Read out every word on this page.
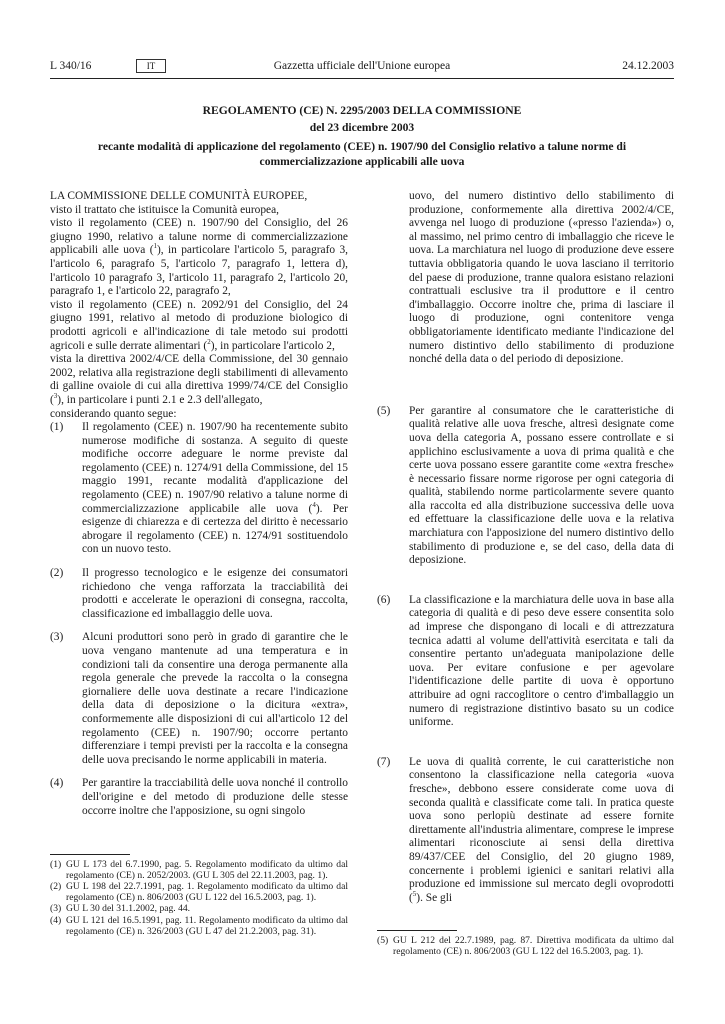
L 340/16	Gazzetta ufficiale dell'Unione europea
IT	24.12.2003
REGOLAMENTO (CE) N. 2295/2003 DELLA COMMISSIONE
del 23 dicembre 2003
recante modalità di applicazione del regolamento (CEE) n. 1907/90 del Consiglio relativo a talune norme di commercializzazione applicabili alle uova

LA COMMISSIONE DELLE COMUNITÀ EUROPEE,

visto il trattato che istituisce la Comunità europea,

visto il regolamento (CEE) n. 1907/90 del Consiglio, del 26 giugno 1990, relativo a talune norme di commercializzazione applicabili alle uova ($^1$), in particolare l'articolo 5, paragrafo 3, l'articolo 6, paragrafo 5, l'articolo 7, paragrafo 1, lettera d), l'articolo 10 paragrafo 3, l'articolo 11, paragrafo 2, l'articolo 20, paragrafo 1, e l'articolo 22, paragrafo 2,

visto il regolamento (CEE) n. 2092/91 del Consiglio, del 24 giugno 1991, relativo al metodo di produzione biologico di prodotti agricoli e all'indicazione di tale metodo sui prodotti agricoli e sulle derrate alimentari ($^2$), in particolare l'articolo 2,

vista la direttiva 2002/4/CE della Commissione, del 30 gennaio 2002, relativa alla registrazione degli stabilimenti di allevamento di galline ovaiole di cui alla direttiva 1999/74/CE del Consiglio ($^3$), in particolare i punti 2.1 e 2.3 dell'allegato,

considerando quanto segue:

(1)	Il regolamento (CEE) n. 1907/90 ha recentemente subito numerose modifiche di sostanza. A seguito di queste modifiche occorre adeguare le norme previste dal regolamento (CEE) n. 1274/91 della Commissione, del 15 maggio 1991, recante modalità d'applicazione del regolamento (CEE) n. 1907/90 relativo a talune norme di commercializzazione applicabile alle uova ($^4$). Per esigenze di chiarezza e di certezza del diritto è necessario abrogare il regolamento (CEE) n. 1274/91 sostituendolo con un nuovo testo.
(2)	Il progresso tecnologico e le esigenze dei consumatori richiedono che venga rafforzata la tracciabilità dei prodotti e accelerate le operazioni di consegna, raccolta, classificazione ed imballaggio delle uova.
(3)	Alcuni produttori sono però in grado di garantire che le uova vengano mantenute ad una temperatura e in condizioni tali da consentire una deroga permanente alla regola generale che prevede la raccolta o la consegna giornaliere delle uova destinate a recare l'indicazione della data di deposizione o la dicitura «extra», conformemente alle disposizioni di cui all'articolo 12 del regolamento (CEE) n. 1907/90; occorre pertanto differenziare i tempi previsti per la raccolta e la consegna delle uova precisando le norme applicabili in materia.
(4)	Per garantire la tracciabilità delle uova nonché il controllo dell'origine e del metodo di produzione delle stesse occorre inoltre che l'apposizione, su ogni singolo
uovo, del numero distintivo dello stabilimento di produzione, conformemente alla direttiva 2002/4/CE, avvenga nel luogo di produzione («presso l'azienda») o, al massimo, nel primo centro di imballaggio che riceve le uova. La marchiatura nel luogo di produzione deve essere tuttavia obbligatoria quando le uova lasciano il territorio del paese di produzione, tranne qualora esistano relazioni contrattuali esclusive tra il produttore e il centro d'imballaggio. Occorre inoltre che, prima di lasciare il luogo di produzione, ogni contenitore venga obbligatoriamente identificato mediante l'indicazione del numero distintivo dello stabilimento di produzione nonché della data o del periodo di deposizione.
(5)	Per garantire al consumatore che le caratteristiche di qualità relative alle uova fresche, altresì designate come uova della categoria A, possano essere controllate e si applichino esclusivamente a uova di prima qualità e che certe uova possano essere garantite come «extra fresche» è necessario fissare norme rigorose per ogni categoria di qualità, stabilendo norme particolarmente severe quanto alla raccolta ed alla distribuzione successiva delle uova ed effettuare la classificazione delle uova e la relativa marchiatura con l'apposizione del numero distintivo dello stabilimento di produzione e, se del caso, della data di deposizione.
(6)	La classificazione e la marchiatura delle uova in base alla categoria di qualità e di peso deve essere consentita solo ad imprese che dispongano di locali e di attrezzatura tecnica adatti al volume dell'attività esercitata e tali da consentire pertanto un'adeguata manipolazione delle uova. Per evitare confusione e per agevolare l'identificazione delle partite di uova è opportuno attribuire ad ogni raccoglitore o centro d'imballaggio un numero di registrazione distintivo basato su un codice uniforme.
(7)	Le uova di qualità corrente, le cui caratteristiche non consentono la classificazione nella categoria «uova fresche», debbono essere considerate come uova di seconda qualità e classificate come tali. In pratica queste uova sono perlopiù destinate ad essere fornite direttamente all'industria alimentare, comprese le imprese alimentari riconosciute ai sensi della direttiva 89/437/CEE del Consiglio, del 20 giugno 1989, concernente i problemi igienici e sanitari relativi alla produzione ed immissione sul mercato degli ovoprodotti ($^5$). Se gli
(1) GU L 173 del 6.7.1990, pag. 5. Regolamento modificato da ultimo dal regolamento (CE) n. 2052/2003. (GU L 305 del 22.11.2003, pag. 1).
(2) GU L 198 del 22.7.1991, pag. 1. Regolamento modificato da ultimo dal regolamento (CE) n. 806/2003 (GU L 122 del 16.5.2003, pag. 1).
(3) GU L 30 del 31.1.2002, pag. 44.
(4) GU L 121 del 16.5.1991, pag. 11. Regolamento modificato da ultimo dal regolamento (CE) n. 326/2003 (GU L 47 del 21.2.2003, pag. 31).
(5) GU L 212 del 22.7.1989, pag. 87. Direttiva modificata da ultimo dal regolamento (CE) n. 806/2003 (GU L 122 del 16.5.2003, pag. 1).
